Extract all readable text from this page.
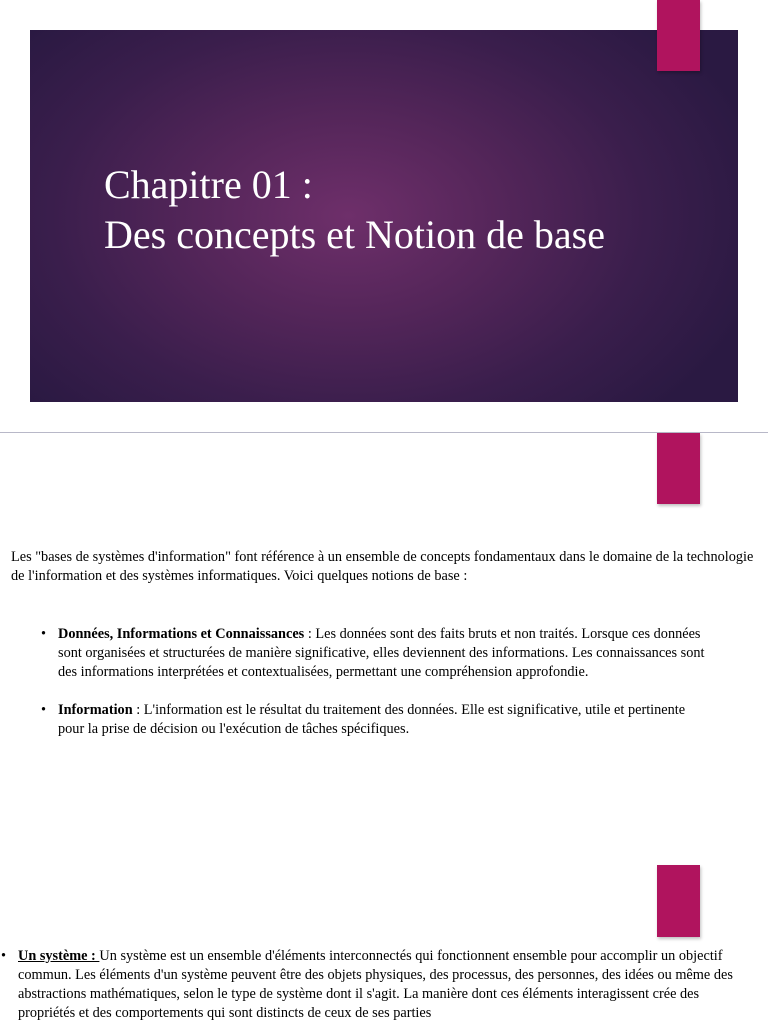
Chapitre 01 :
Des concepts et Notion de base

Les "bases de systèmes d'information" font référence à un ensemble de concepts fondamentaux dans le domaine de la technologie de l'information et des systèmes informatiques. Voici quelques notions de base :

• Données, Informations et Connaissances : Les données sont des faits bruts et non traités. Lorsque ces données sont organisées et structurées de manière significative, elles deviennent des informations. Les connaissances sont des informations interprétées et contextualisées, permettant une compréhension approfondie.
• Information : L'information est le résultat du traitement des données. Elle est significative, utile et pertinente pour la prise de décision ou l'exécution de tâches spécifiques.

• Un système : Un système est un ensemble d'éléments interconnectés qui fonctionnent ensemble pour accomplir un objectif commun. Les éléments d'un système peuvent être des objets physiques, des processus, des personnes, des idées ou même des abstractions mathématiques, selon le type de système dont il s'agit. La manière dont ces éléments interagissent crée des propriétés et des comportements qui sont distincts de ceux de ses parties
